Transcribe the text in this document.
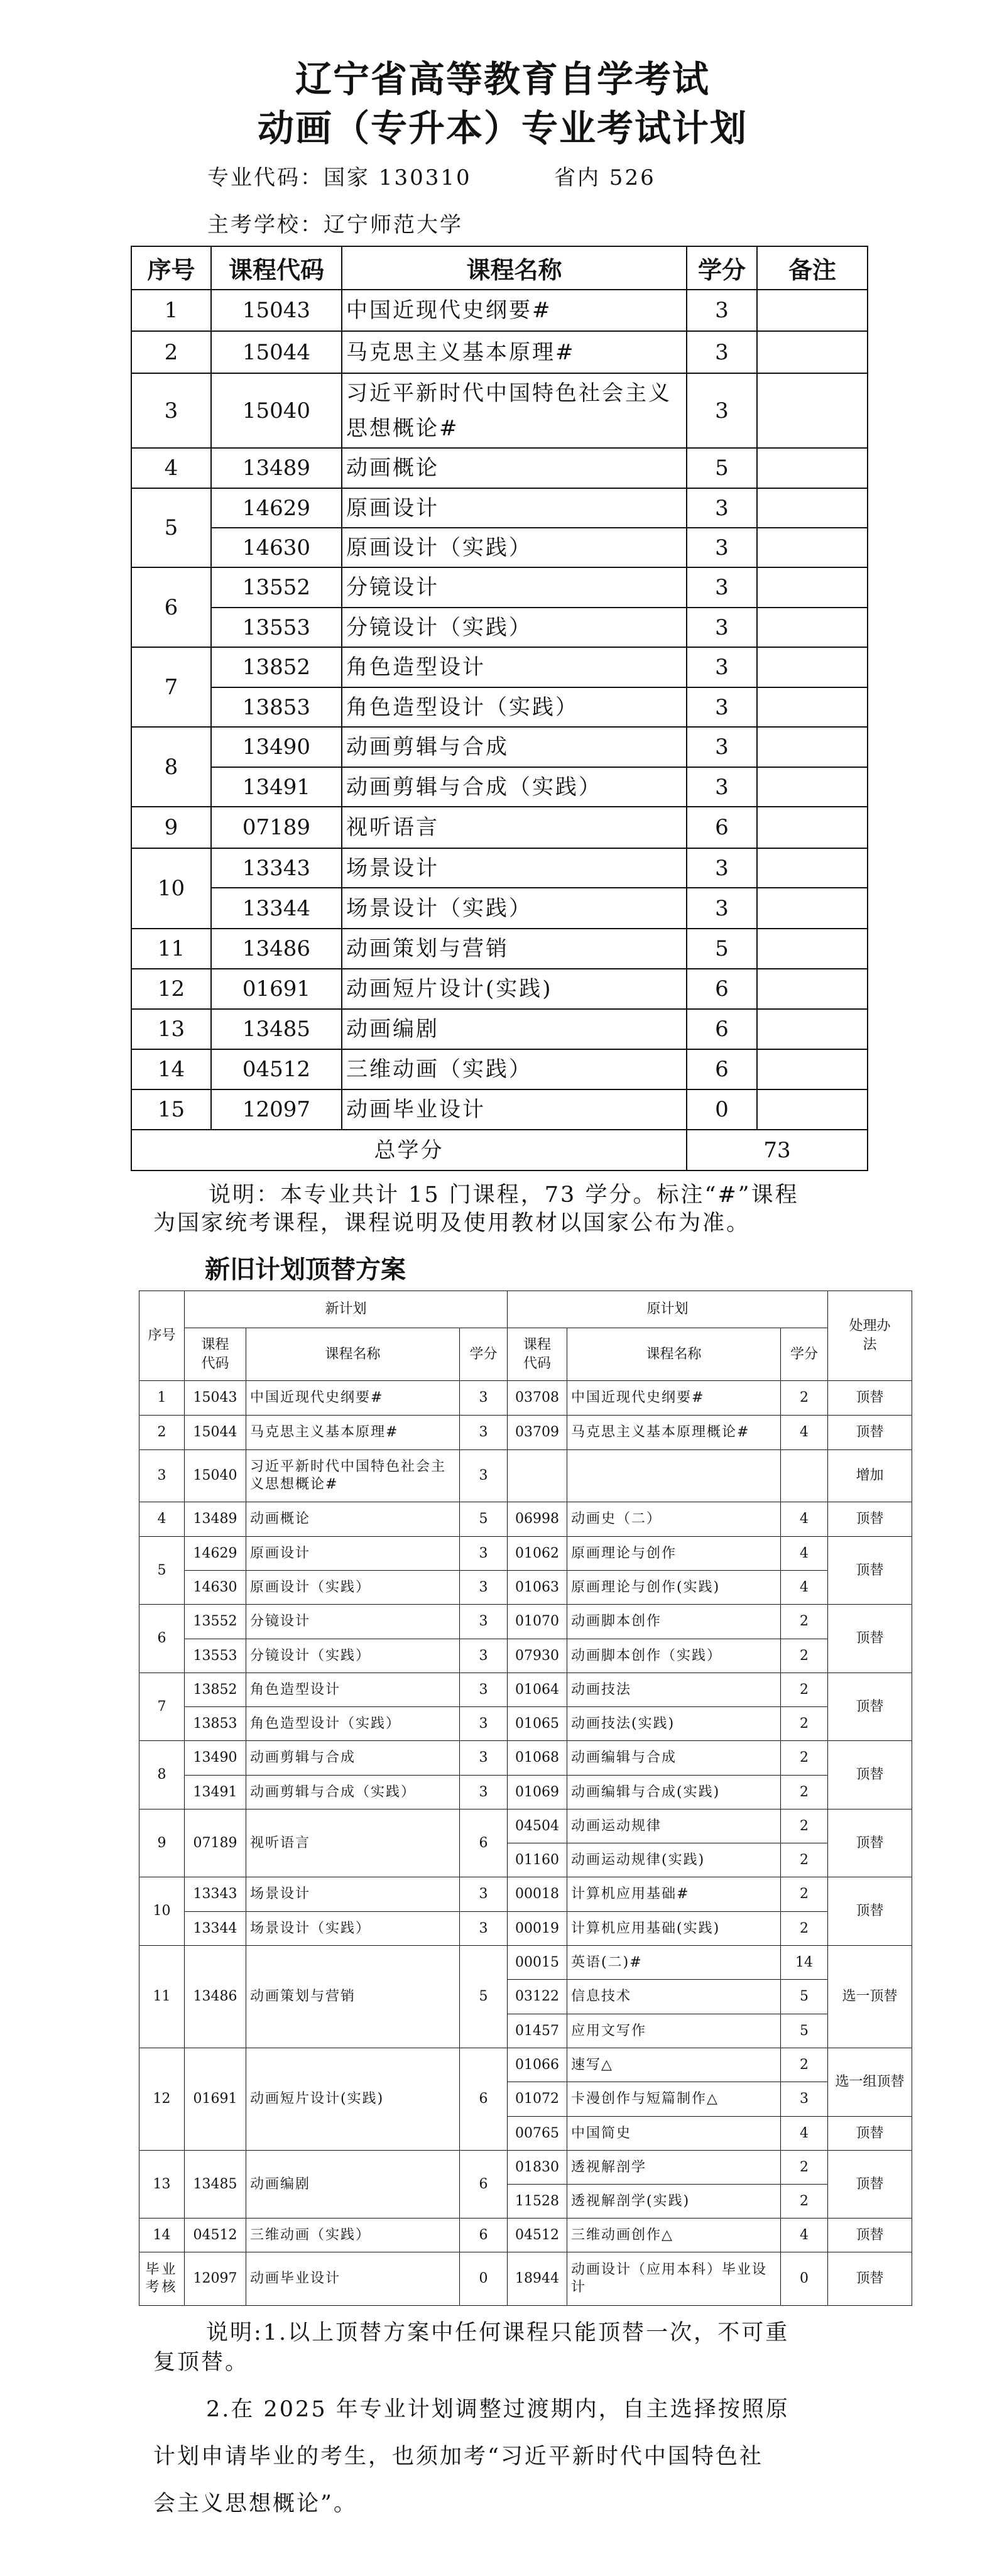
辽宁省高等教育自学考试
动画（专升本）专业考试计划
专业代码：国家 130310	省内 526
主考学校：辽宁师范大学
序号	课程代码	课程名称	学分	备注
1	15043	中国近现代史纲要#	3	
2	15044	马克思主义基本原理#	3	
3	15040	习近平新时代中国特色社会主义思想概论#	3	
4	13489	动画概论	5	
5	14629	原画设计	3	
	14630	原画设计（实践）	3	
6	13552	分镜设计	3	
	13553	分镜设计（实践）	3	
7	13852	角色造型设计	3	
	13853	角色造型设计（实践）	3	
8	13490	动画剪辑与合成	3	
	13491	动画剪辑与合成（实践）	3	
9	07189	视听语言	6	
10	13343	场景设计	3	
	13344	场景设计（实践）	3	
11	13486	动画策划与营销	5	
12	01691	动画短片设计(实践)	6	
13	13485	动画编剧	6	
14	04512	三维动画（实践）	6	
15	12097	动画毕业设计	0	
总学分			73	
说明：本专业共计 15 门课程，73 学分。标注“#”课程
为国家统考课程，课程说明及使用教材以国家公布为准。
新旧计划顶替方案
序号	新计划			原计划			处理办法
	课程代码	课程名称	学分	课程代码	课程名称	学分	
1	15043	中国近现代史纲要#	3	03708	中国近现代史纲要#	2	顶替
2	15044	马克思主义基本原理#	3	03709	马克思主义基本原理概论#	4	顶替
3	15040	习近平新时代中国特色社会主义思想概论#	3				增加
4	13489	动画概论	5	06998	动画史（二）	4	顶替
5	14629	原画设计	3	01062	原画理论与创作	4	顶替
	14630	原画设计（实践）	3	01063	原画理论与创作(实践)	4	
6	13552	分镜设计	3	01070	动画脚本创作	2	顶替
	13553	分镜设计（实践）	3	07930	动画脚本创作（实践）	2	
7	13852	角色造型设计	3	01064	动画技法	2	顶替
	13853	角色造型设计（实践）	3	01065	动画技法(实践)	2	
8	13490	动画剪辑与合成	3	01068	动画编辑与合成	2	顶替
	13491	动画剪辑与合成（实践）	3	01069	动画编辑与合成(实践)	2	
9	07189	视听语言	6	04504	动画运动规律	2	顶替
				01160	动画运动规律(实践)	2	
10	13343	场景设计	3	00018	计算机应用基础#	2	顶替
	13344	场景设计（实践）	3	00019	计算机应用基础(实践)	2	
11	13486	动画策划与营销	5	00015	英语(二)#	14	选一顶替
				03122	信息技术	5	
				01457	应用文写作	5	
12	01691	动画短片设计(实践)	6	01066	速写△	2	选一组顶替
				01072	卡漫创作与短篇制作△	3	
				00765	中国简史	4	顶替
13	13485	动画编剧	6	01830	透视解剖学	2	顶替
				11528	透视解剖学(实践)	2	
14	04512	三维动画（实践）	6	04512	三维动画创作△	4	顶替
毕业考核	12097	动画毕业设计	0	18944	动画设计（应用本科）毕业设计	0	顶替
说明:1.以上顶替方案中任何课程只能顶替一次，不可重
复顶替。
2.在 2025 年专业计划调整过渡期内，自主选择按照原
计划申请毕业的考生，也须加考“习近平新时代中国特色社
会主义思想概论”。
